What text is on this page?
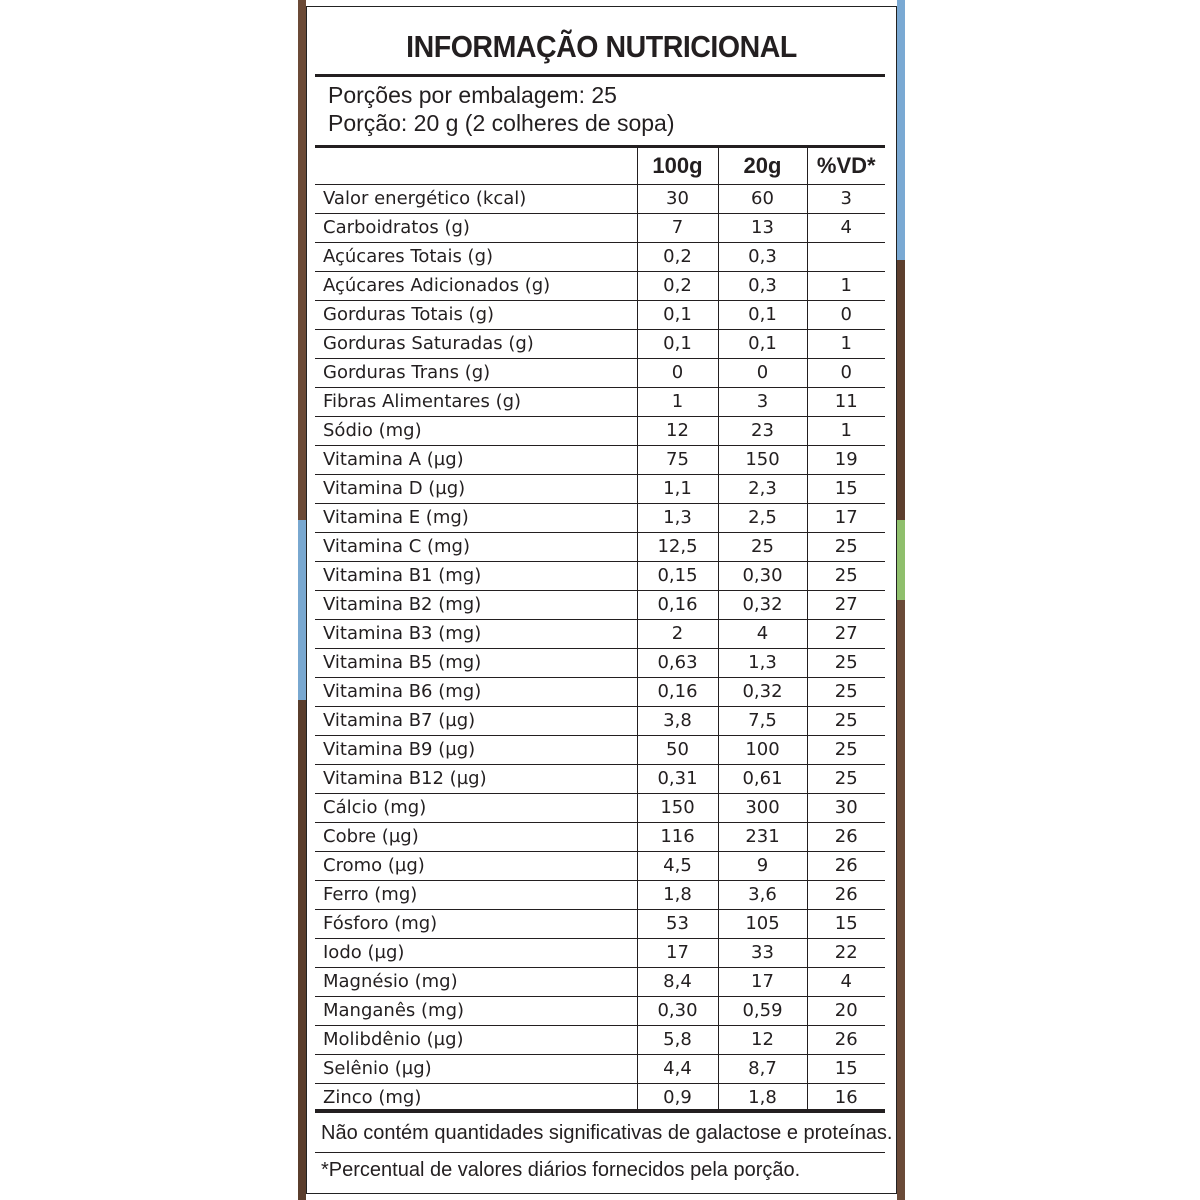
INFORMAÇÃO NUTRICIONAL
Porções por embalagem: 25
Porção: 20 g (2 colheres de sopa)
	100g	20g	%VD*
Valor energético (kcal)	30	60	3
Carboidratos (g)	7	13	4
Açúcares Totais (g)	0,2	0,3	
Açúcares Adicionados (g)	0,2	0,3	1
Gorduras Totais (g)	0,1	0,1	0
Gorduras Saturadas (g)	0,1	0,1	1
Gorduras Trans (g)	0	0	0
Fibras Alimentares (g)	1	3	11
Sódio (mg)	12	23	1
Vitamina A (µg)	75	150	19
Vitamina D (µg)	1,1	2,3	15
Vitamina E (mg)	1,3	2,5	17
Vitamina C (mg)	12,5	25	25
Vitamina B1 (mg)	0,15	0,30	25
Vitamina B2 (mg)	0,16	0,32	27
Vitamina B3 (mg)	2	4	27
Vitamina B5 (mg)	0,63	1,3	25
Vitamina B6 (mg)	0,16	0,32	25
Vitamina B7 (µg)	3,8	7,5	25
Vitamina B9 (µg)	50	100	25
Vitamina B12 (µg)	0,31	0,61	25
Cálcio (mg)	150	300	30
Cobre (µg)	116	231	26
Cromo (µg)	4,5	9	26
Ferro (mg)	1,8	3,6	26
Fósforo (mg)	53	105	15
Iodo (µg)	17	33	22
Magnésio (mg)	8,4	17	4
Manganês (mg)	0,30	0,59	20
Molibdênio (µg)	5,8	12	26
Selênio (µg)	4,4	8,7	15
Zinco (mg)	0,9	1,8	16
Não contém quantidades significativas de galactose e proteínas.
*Percentual de valores diários fornecidos pela porção.
